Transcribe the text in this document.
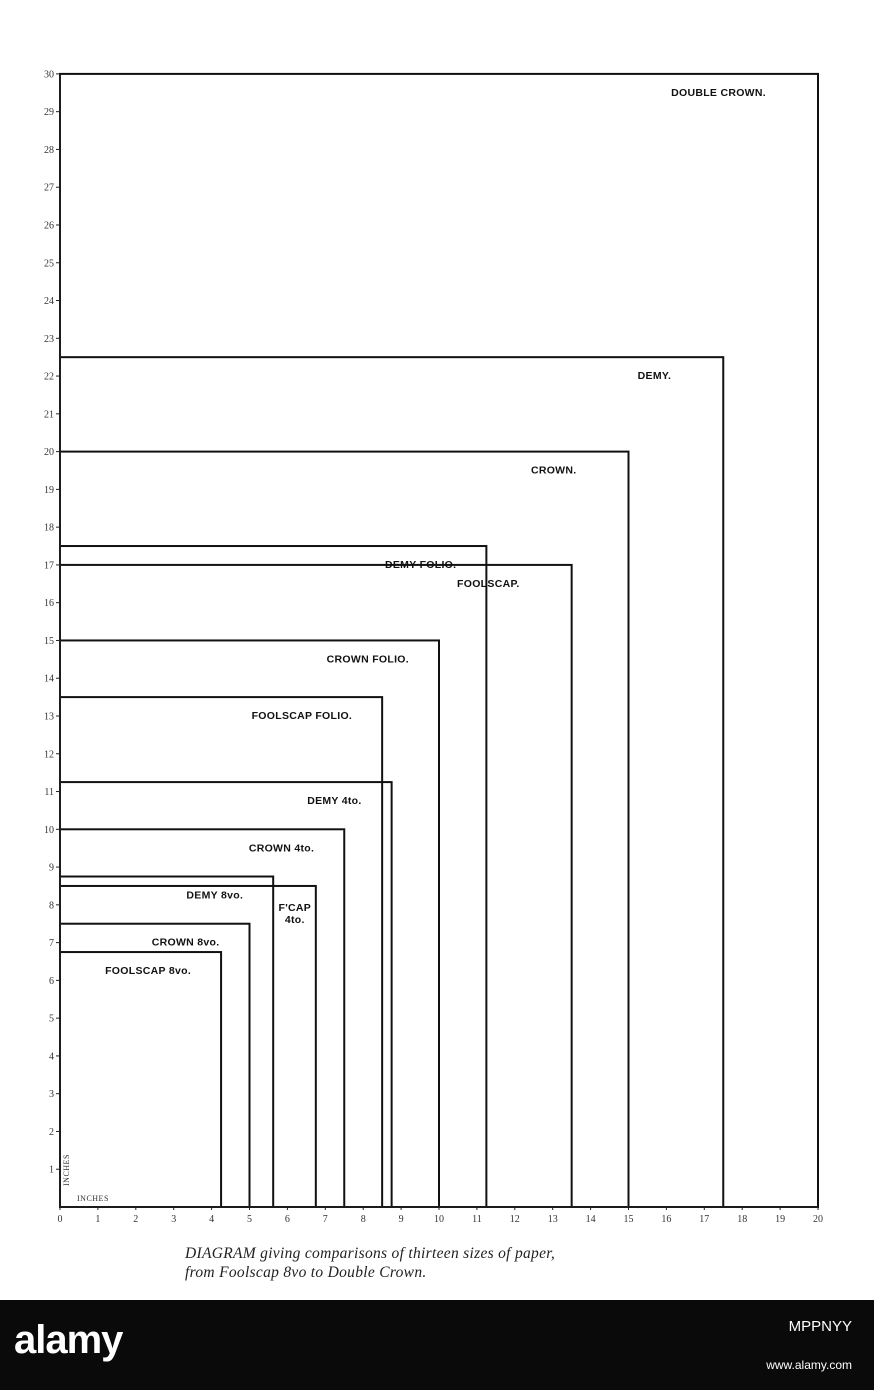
1
2
3
4
5
6
7
8
9
10
11
12
13
14
15
16
17
18
19
20
21
22
23
24
25
26
27
28
29
30
0	1	2	3	4	5	6	7	8	9	10	11	12	13	14	15	16	17	18	19	20
DOUBLE CROWN.
DEMY.
CROWN.
DEMY FOLIO.
FOOLSCAP.
CROWN FOLIO.
FOOLSCAP FOLIO.
DEMY 4to.
CROWN 4to.
F'CAP 4to.
DEMY 8vo.
CROWN 8vo.
FOOLSCAP 8vo.
INCHES
INCHES
DIAGRAM giving comparisons of thirteen sizes of paper,
from Foolscap 8vo to Double Crown.
alamy	MPPNYY
www.alamy.com
